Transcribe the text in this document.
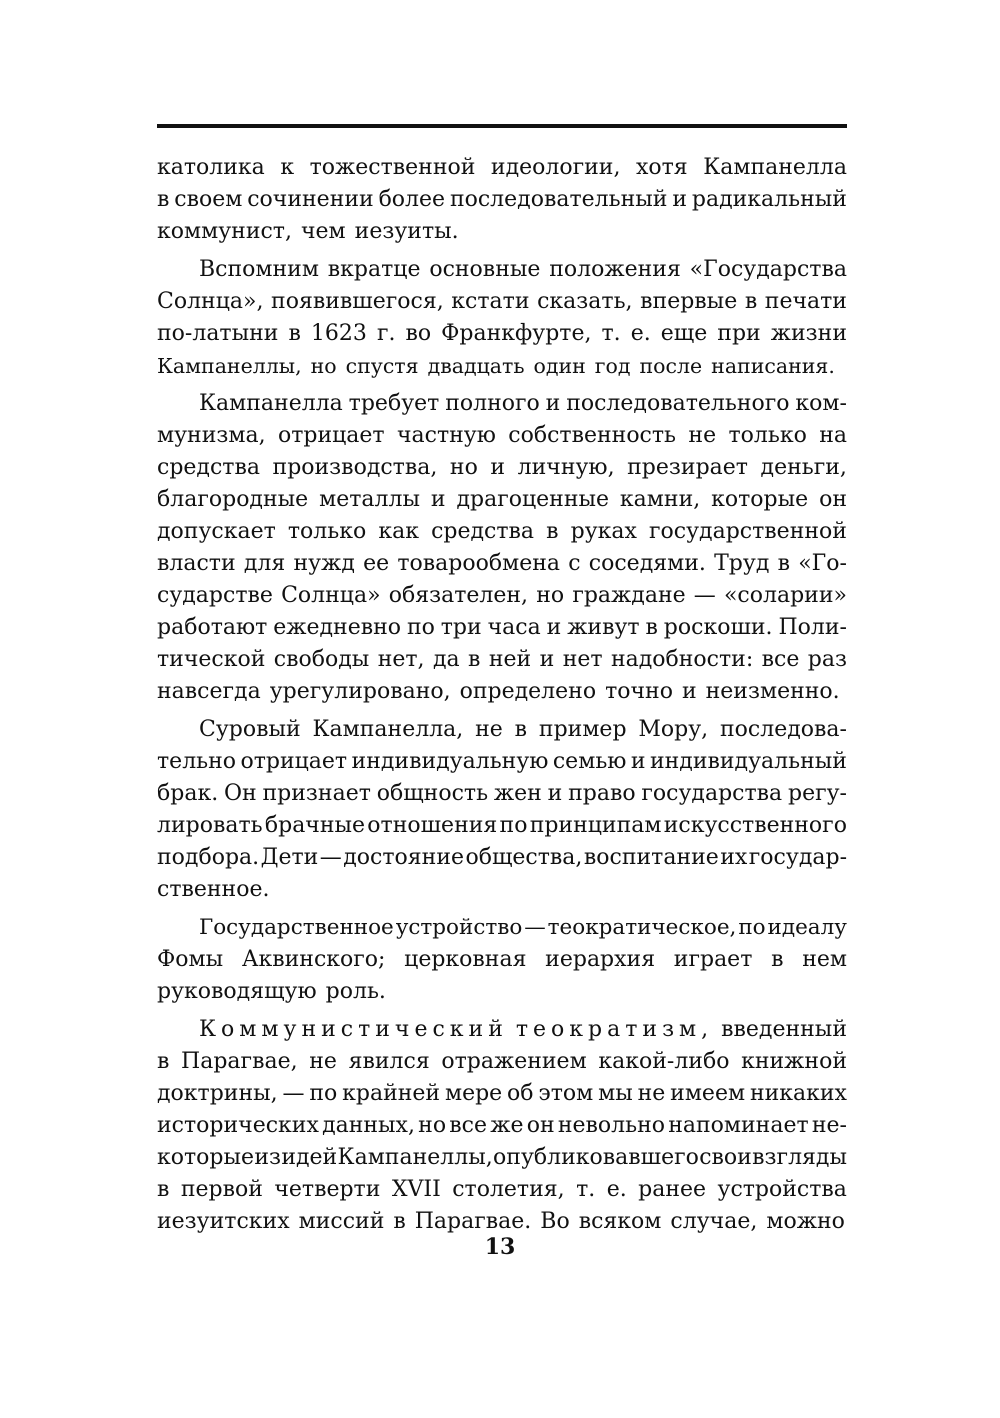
католика к тожественной идеологии, хотя Кампанелла
в своем сочинении более последовательный и радикальный
коммунист, чем иезуиты.
Вспомним вкратце основные положения «Государства
Солнца», появившегося, кстати сказать, впервые в печати
по-латыни в 1623 г. во Франкфурте, т. е. еще при жизни
Кампанеллы, но спустя двадцать один год после написания.
Кампанелла требует полного и последовательного ком-
мунизма, отрицает частную собственность не только на
средства производства, но и личную, презирает деньги,
благородные металлы и драгоценные камни, которые он
допускает только как средства в руках государственной
власти для нужд ее товарообмена с соседями. Труд в «Го-
сударстве Солнца» обязателен, но граждане — «соларии»
работают ежедневно по три часа и живут в роскоши. Поли-
тической свободы нет, да в ней и нет надобности: все раз
навсегда урегулировано, определено точно и неизменно.
Суровый Кампанелла, не в пример Мору, последова-
тельно отрицает индивидуальную семью и индивидуальный
брак. Он признает общность жен и право государства регу-
лировать брачные отношения по принципам искусственного
подбора. Дети — достояние общества, воспитание их государ-
ственное.
Государственное устройство — теократическое, по идеалу
Фомы Аквинского; церковная иерархия играет в нем
руководящую роль.
Коммунистический теократизм, введенный
в Парагвае, не явился отражением какой-либо книжной
доктрины, — по крайней мере об этом мы не имеем никаких
исторических данных, но все же он невольно напоминает не-
которые из идей Кампанеллы, опубликовавшего свои взгляды
в первой четверти XVII столетия, т. е. ранее устройства
иезуитских миссий в Парагвае. Во всяком случае, можно
13
